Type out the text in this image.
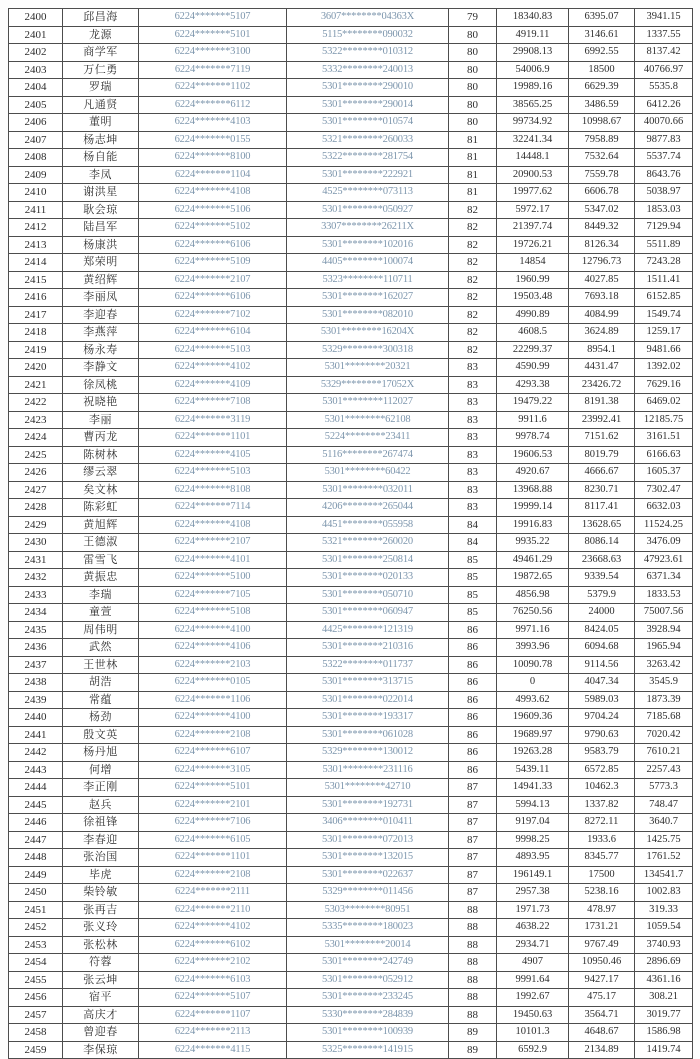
2400	邱昌海	6224*******5107	3607********04363X	79	18340.83	6395.07	3941.15
2401	龙源	6224*******5101	5115********090032	80	4919.11	3146.61	1337.55
2402	商学军	6224*******3100	5322********010312	80	29908.13	6992.55	8137.42
2403	万仁勇	6224*******7119	5332********240013	80	54006.9	18500	40766.97
2404	罗瑞	6224*******1102	5301********290010	80	19989.16	6629.39	5535.8
2405	凡通贤	6224*******6112	5301********290014	80	38565.25	3486.59	6412.26
2406	董明	6224*******4103	5301********010574	80	99734.92	10998.67	40070.66
2407	杨志坤	6224*******0155	5321********260033	81	32241.34	7958.89	9877.83
2408	杨自能	6224*******8100	5322********281754	81	14448.1	7532.64	5537.74
2409	李凤	6224*******1104	5301********222921	81	20900.53	7559.78	8643.76
2410	谢洪星	6224*******4108	4525********073113	81	19977.62	6606.78	5038.97
2411	耿会琼	6224*******5106	5301********050927	82	5972.17	5347.02	1853.03
2412	陆昌军	6224*******5102	3307********26211X	82	21397.74	8449.32	7129.94
2413	杨康洪	6224*******6106	5301********102016	82	19726.21	8126.34	5511.89
2414	郑荣明	6224*******5109	4405********100074	82	14854	12796.73	7243.28
2415	黄绍辉	6224*******2107	5323********110711	82	1960.99	4027.85	1511.41
2416	李丽凤	6224*******6106	5301********162027	82	19503.48	7693.18	6152.85
2417	李迎春	6224*******7102	5301********082010	82	4990.89	4084.99	1549.74
2418	李燕萍	6224*******6104	5301********16204X	82	4608.5	3624.89	1259.17
2419	杨永寿	6224*******5103	5329********300318	82	22299.37	8954.1	9481.66
2420	李静文	6224*******4102	5301********20321	83	4590.99	4431.47	1392.02
2421	徐凤桃	6224*******4109	5329********17052X	83	4293.38	23426.72	7629.16
2422	祝晓艳	6224*******7108	5301********112027	83	19479.22	8191.38	6469.02
2423	李丽	6224*******3119	5301********62108	83	9911.6	23992.41	12185.75
2424	曹丙龙	6224*******1101	5224********23411	83	9978.74	7151.62	3161.51
2425	陈树林	6224*******4105	5116********267474	83	19606.53	8019.79	6166.63
2426	缪云翠	6224*******5103	5301********60422	83	4920.67	4666.67	1605.37
2427	矣文林	6224*******8108	5301********032011	83	13968.88	8230.71	7302.47
2428	陈彩虹	6224*******7114	4206********265044	83	19999.14	8117.41	6632.03
2429	黄旭辉	6224*******4108	4451********055958	84	19916.83	13628.65	11524.25
2430	王德淑	6224*******2107	5321********260020	84	9935.22	8086.14	3476.09
2431	雷雪飞	6224*******4101	5301********250814	85	49461.29	23668.63	47923.61
2432	黄振忠	6224*******5100	5301********020133	85	19872.65	9339.54	6371.34
2433	李瑞	6224*******7105	5301********050710	85	4856.98	5379.9	1833.53
2434	童萱	6224*******5108	5301********060947	85	76250.56	24000	75007.56
2435	周伟明	6224*******4100	4425********121319	86	9971.16	8424.05	3928.94
2436	武然	6224*******4106	5301********210316	86	3993.96	6094.68	1965.94
2437	王世林	6224*******2103	5322********011737	86	10090.78	9114.56	3263.42
2438	胡浩	6224*******0105	5301********313715	86	0	4047.34	3545.9
2439	常蕴	6224*******1106	5301********022014	86	4993.62	5989.03	1873.39
2440	杨劲	6224*******4100	5301********193317	86	19609.36	9704.24	7185.68
2441	殷文英	6224*******2108	5301********061028	86	19689.97	9790.63	7020.42
2442	杨丹旭	6224*******6107	5329********130012	86	19263.28	9583.79	7610.21
2443	何增	6224*******3105	5301********231116	86	5439.11	6572.85	2257.43
2444	李正刚	6224*******5101	5301********42710	87	14941.33	10462.3	5773.3
2445	赵兵	6224*******2101	5301********192731	87	5994.13	1337.82	748.47
2446	徐祖锋	6224*******7106	3406********010411	87	9197.04	8272.11	3640.7
2447	李春迎	6224*******6105	5301********072013	87	9998.25	1933.6	1425.75
2448	张治国	6224*******1101	5301********132015	87	4893.95	8345.77	1761.52
2449	毕虎	6224*******2108	5301********022637	87	196149.1	17500	134541.7
2450	柴铃敏	6224*******2111	5329********011456	87	2957.38	5238.16	1002.83
2451	张再吉	6224*******2110	5303********80951	88	1971.73	478.97	319.33
2452	张义玲	6224*******4102	5335********180023	88	4638.22	1731.21	1059.54
2453	张松林	6224*******6102	5301********20014	88	2934.71	9767.49	3740.93
2454	符蓉	6224*******2102	5301********242749	88	4907	10950.46	2896.69
2455	张云坤	6224*******6103	5301********052912	88	9991.64	9427.17	4361.16
2456	宿平	6224*******5107	5301********233245	88	1992.67	475.17	308.21
2457	高庆才	6224*******1107	5330********284839	88	19450.63	3564.71	3019.77
2458	曾迎春	6224*******2113	5301********100939	89	10101.3	4648.67	1586.98
2459	李保琼	6224*******4115	5325********141915	89	6592.9	2134.89	1419.74
